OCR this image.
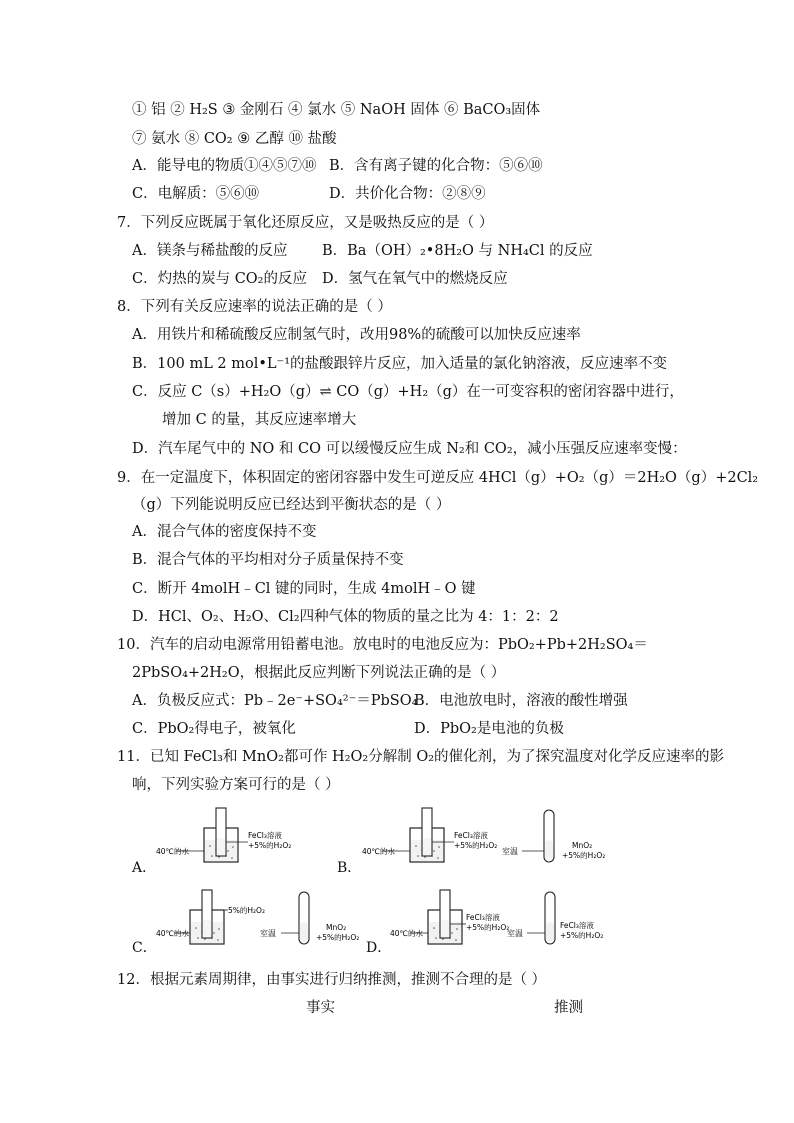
① 铝 ② H₂S ③ 金刚石 ④ 氯水 ⑤ NaOH 固体 ⑥ BaCO₃固体
⑦ 氨水 ⑧ CO₂ ⑨ 乙醇 ⑩ 盐酸
A．能导电的物质①④⑤⑦⑩ B．含有离子键的化合物：⑤⑥⑩
C．电解质：⑤⑥⑩	D．共价化合物：②⑧⑨
7．下列反应既属于氧化还原反应，又是吸热反应的是（ ）
A．镁条与稀盐酸的反应 B．Ba（OH）₂•8H₂O 与 NH₄Cl 的反应
C．灼热的炭与 CO₂的反应 D．氢气在氧气中的燃烧反应
8．下列有关反应速率的说法正确的是（ ）
A．用铁片和稀硫酸反应制氢气时，改用98%的硫酸可以加快反应速率
B．100 mL 2 mol•L⁻¹的盐酸跟锌片反应，加入适量的氯化钠溶液，反应速率不变
C．反应 C（s）+H₂O（g）⇌ CO（g）+H₂（g）在一可变容积的密闭容器中进行，
增加 C 的量，其反应速率增大
D．汽车尾气中的 NO 和 CO 可以缓慢反应生成 N₂和 CO₂，减小压强反应速率变慢：
9．在一定温度下，体积固定的密闭容器中发生可逆反应 4HCl（g）+O₂（g）＝2H₂O（g）+2Cl₂
（g）下列能说明反应已经达到平衡状态的是（ ）
A．混合气体的密度保持不变
B．混合气体的平均相对分子质量保持不变
C．断开 4molH﹣Cl 键的同时，生成 4molH﹣O 键
D．HCl、O₂、H₂O、Cl₂四种气体的物质的量之比为 4：1：2：2
10．汽车的启动电源常用铅蓄电池。放电时的电池反应为：PbO₂+Pb+2H₂SO₄＝
2PbSO₄+2H₂O，根据此反应判断下列说法正确的是（ ）
A．负极反应式：Pb﹣2e⁻+SO₄²⁻＝PbSO₄
B．电池放电时，溶液的酸性增强
C．PbO₂得电子，被氧化	D．PbO₂是电池的负极
11．已知 FeCl₃和 MnO₂都可作 H₂O₂分解制 O₂的催化剂，为了探究温度对化学反应速率的影
响，下列实验方案可行的是（ ）
A．
40℃的水
FeCl₃溶液
+5%的H₂O₂
B．
40℃的水
FeCl₃溶液
+5%的H₂O₂
室温
MnO₂
+5%的H₂O₂
C．
40℃的水
5%的H₂O₂
室温
MnO₂
+5%的H₂O₂
D．
40℃的水
FeCl₃溶液
+5%的H₂O₂
室温
FeCl₃溶液
+5%的H₂O₂
12．根据元素周期律，由事实进行归纳推测，推测不合理的是（ ）
事实	推测
